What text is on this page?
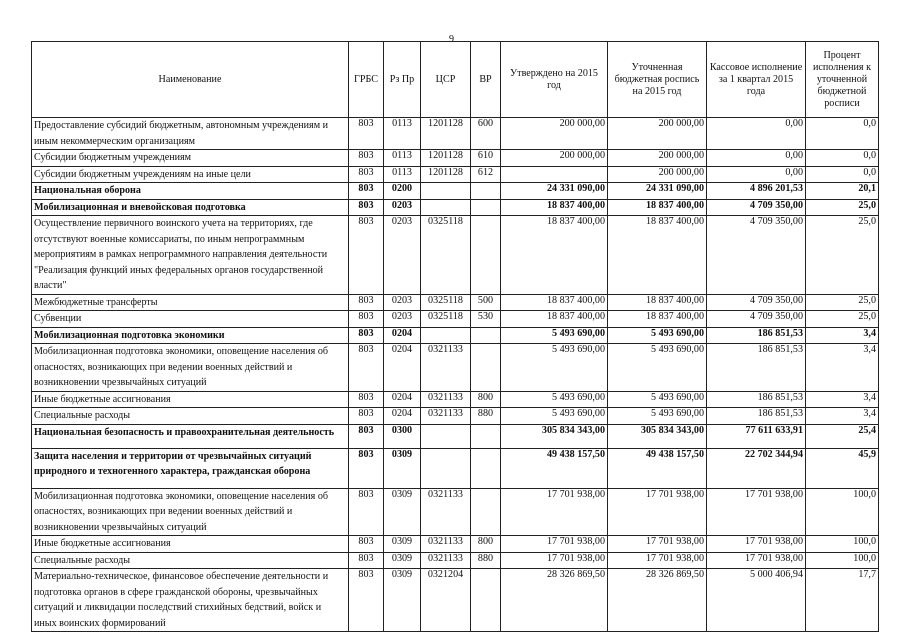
9
Наименование	ГРБС	Рз Пр	ЦСР	ВР	Утверждено на 2015 год	Уточненная бюджетная роспись на 2015 год	Кассовое исполнение за 1 квартал 2015 года	Процент исполнения к уточненной бюджетной росписи
Предоставление субсидий бюджетным, автономным учреждениям и иным некоммерческим организациям	803	0113	1201128	600	200 000,00	200 000,00	0,00	0,0
Субсидии бюджетным учреждениям	803	0113	1201128	610	200 000,00	200 000,00	0,00	0,0
Субсидии бюджетным учреждениям на иные цели	803	0113	1201128	612		200 000,00	0,00	0,0
Национальная оборона	803	0200			24 331 090,00	24 331 090,00	4 896 201,53	20,1
Мобилизационная и вневойсковая подготовка	803	0203			18 837 400,00	18 837 400,00	4 709 350,00	25,0
Осуществление первичного воинского учета на территориях, где отсутствуют военные комиссариаты, по иным непрограммным мероприятиям в рамках непрограммного направления деятельности "Реализация функций иных федеральных органов государственной власти"	803	0203	0325118		18 837 400,00	18 837 400,00	4 709 350,00	25,0
Межбюджетные трансферты	803	0203	0325118	500	18 837 400,00	18 837 400,00	4 709 350,00	25,0
Субвенции	803	0203	0325118	530	18 837 400,00	18 837 400,00	4 709 350,00	25,0
Мобилизационная подготовка экономики	803	0204			5 493 690,00	5 493 690,00	186 851,53	3,4
Мобилизационная подготовка экономики, оповещение населения об опасностях, возникающих при ведении военных действий и возникновении чрезвычайных ситуаций	803	0204	0321133		5 493 690,00	5 493 690,00	186 851,53	3,4
Иные бюджетные ассигнования	803	0204	0321133	800	5 493 690,00	5 493 690,00	186 851,53	3,4
Специальные расходы	803	0204	0321133	880	5 493 690,00	5 493 690,00	186 851,53	3,4
Национальная безопасность и правоохранительная деятельность	803	0300			305 834 343,00	305 834 343,00	77 611 633,91	25,4
Защита населения и территории от чрезвычайных ситуаций природного и техногенного характера, гражданская оборона	803	0309			49 438 157,50	49 438 157,50	22 702 344,94	45,9
Мобилизационная подготовка экономики, оповещение населения об опасностях, возникающих при ведении военных действий и возникновении чрезвычайных ситуаций	803	0309	0321133		17 701 938,00	17 701 938,00	17 701 938,00	100,0
Иные бюджетные ассигнования	803	0309	0321133	800	17 701 938,00	17 701 938,00	17 701 938,00	100,0
Специальные расходы	803	0309	0321133	880	17 701 938,00	17 701 938,00	17 701 938,00	100,0
Материально-техническое, финансовое обеспечение деятельности и подготовка органов в сфере гражданской обороны, чрезвычайных ситуаций и ликвидации последствий стихийных бедствий, войск и иных воинских формирований	803	0309	0321204		28 326 869,50	28 326 869,50	5 000 406,94	17,7
